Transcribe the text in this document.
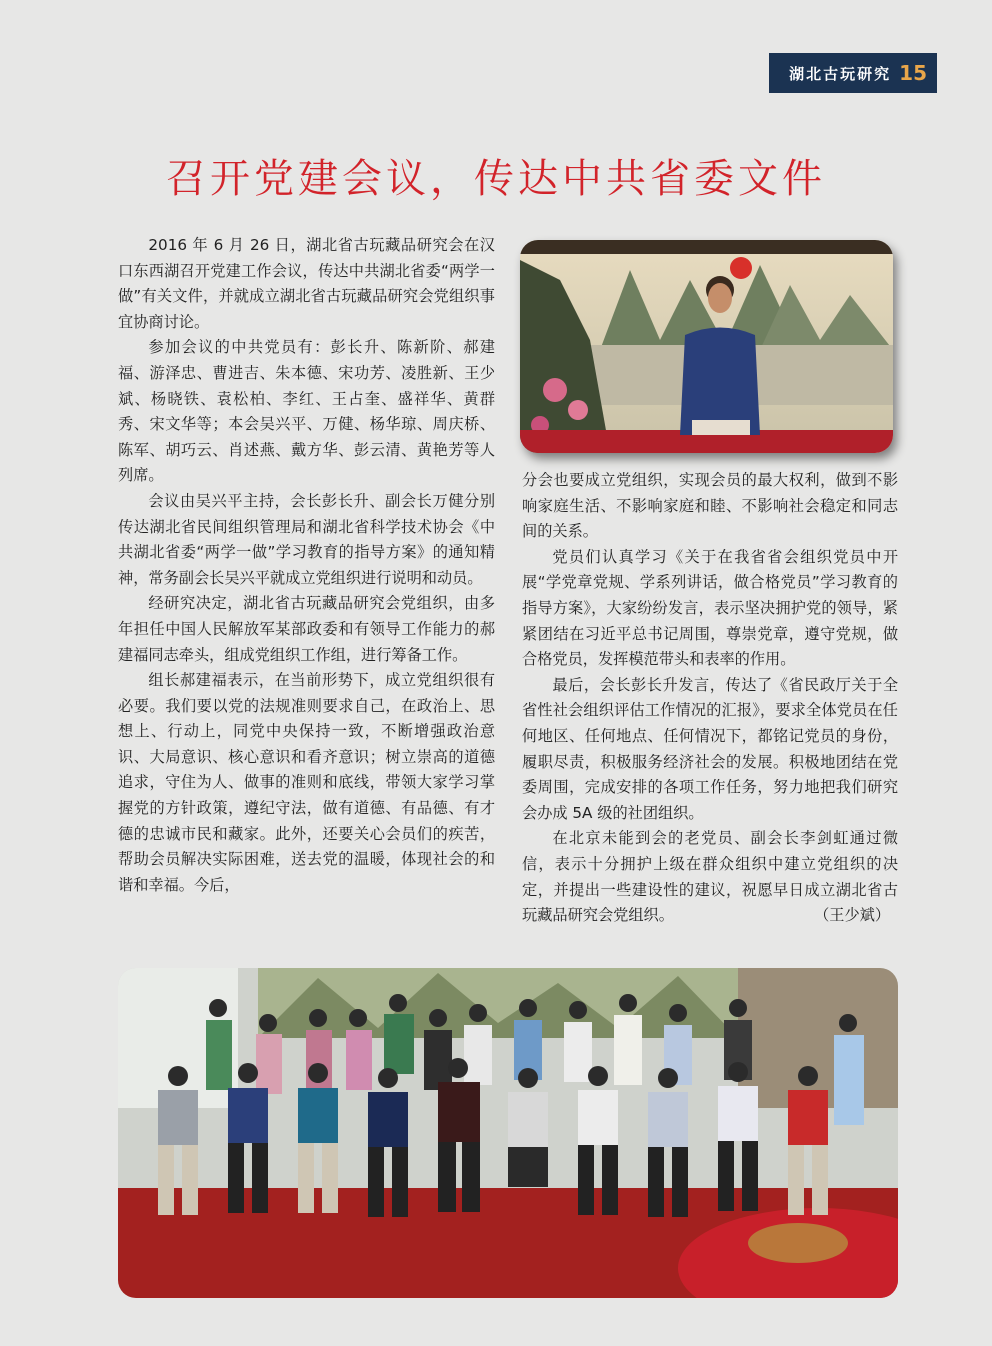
湖北古玩研究 15
召开党建会议，传达中共省委文件

2016 年 6 月 26 日，湖北省古玩藏品研究会在汉口东西湖召开党建工作会议，传达中共湖北省委“两学一做”有关文件，并就成立湖北省古玩藏品研究会党组织事宜协商讨论。

参加会议的中共党员有：彭长升、陈新阶、郝建福、游泽忠、曹进吉、朱本德、宋功芳、凌胜新、王少斌、杨晓铁、袁松柏、李红、王占奎、盛祥华、黄群秀、宋文华等；本会吴兴平、万健、杨华琼、周庆桥、陈军、胡巧云、肖述燕、戴方华、彭云清、黄艳芳等人列席。

会议由吴兴平主持，会长彭长升、副会长万健分别传达湖北省民间组织管理局和湖北省科学技术协会《中共湖北省委“两学一做”学习教育的指导方案》的通知精神，常务副会长吴兴平就成立党组织进行说明和动员。

经研究决定，湖北省古玩藏品研究会党组织，由多年担任中国人民解放军某部政委和有领导工作能力的郝建福同志牵头，组成党组织工作组，进行筹备工作。

组长郝建福表示，在当前形势下，成立党组织很有必要。我们要以党的法规准则要求自己，在政治上、思想上、行动上，同党中央保持一致，不断增强政治意识、大局意识、核心意识和看齐意识；树立崇高的道德追求，守住为人、做事的准则和底线，带领大家学习掌握党的方针政策，遵纪守法，做有道德、有品德、有才德的忠诚市民和藏家。此外，还要关心会员们的疾苦，帮助会员解决实际困难，送去党的温暖，体现社会的和谐和幸福。今后，

分会也要成立党组织，实现会员的最大权利，做到不影响家庭生活、不影响家庭和睦、不影响社会稳定和同志间的关系。

党员们认真学习《关于在我省省会组织党员中开展“学党章党规、学系列讲话，做合格党员”学习教育的指导方案》，大家纷纷发言，表示坚决拥护党的领导，紧紧团结在习近平总书记周围，尊崇党章，遵守党规，做合格党员，发挥模范带头和表率的作用。

最后，会长彭长升发言，传达了《省民政厅关于全省性社会组织评估工作情况的汇报》，要求全体党员在任何地区、任何地点、任何情况下，都铭记党员的身份，履职尽责，积极服务经济社会的发展。积极地团结在党委周围，完成安排的各项工作任务，努力地把我们研究会办成 5A 级的社团组织。

在北京未能到会的老党员、副会长李剑虹通过微信，表示十分拥护上级在群众组织中建立党组织的决定，并提出一些建设性的建议，祝愿早日成立湖北省古玩藏品研究会党组织。	（王少斌）
